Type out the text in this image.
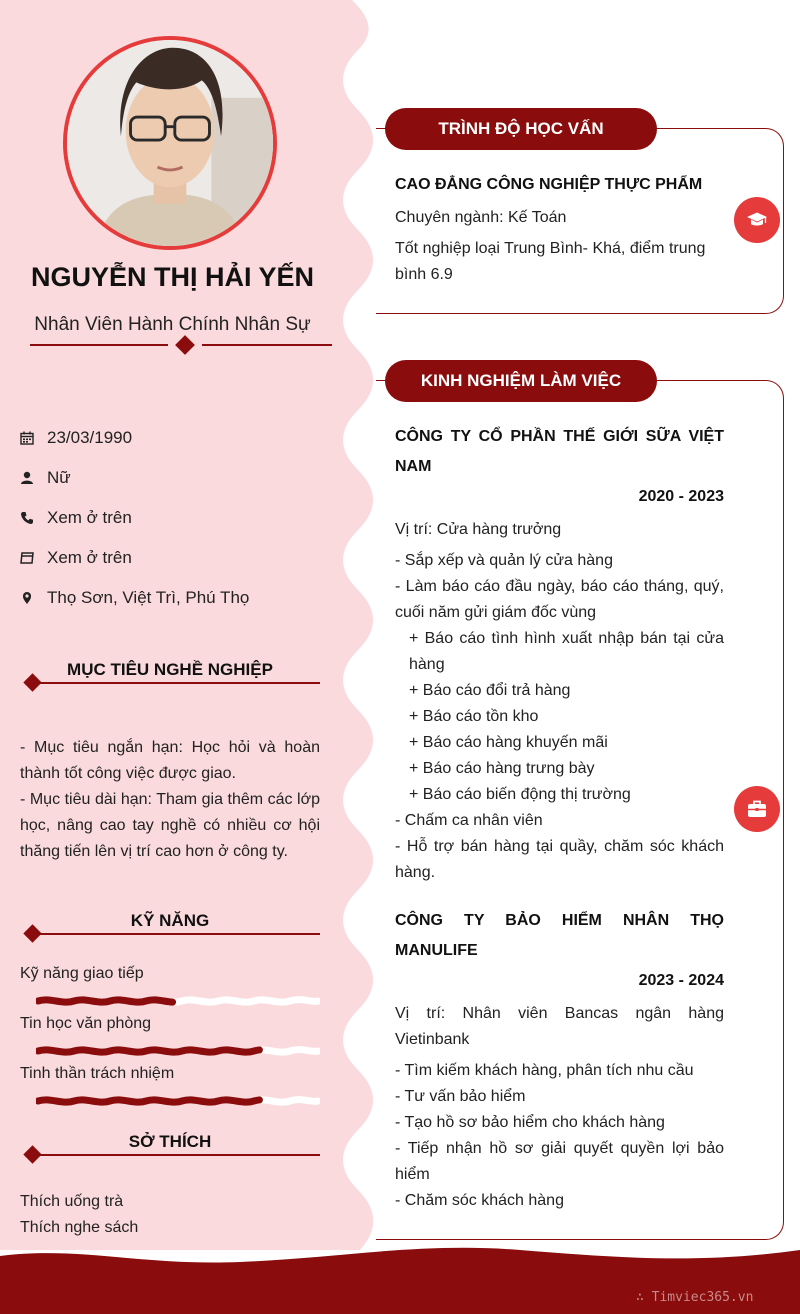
NGUYỄN THỊ HẢI YẾN
Nhân Viên Hành Chính Nhân Sự
23/03/1990
Nữ
Xem ở trên
Xem ở trên
Thọ Sơn, Việt Trì, Phú Thọ
MỤC TIÊU NGHỀ NGHIỆP
- Mục tiêu ngắn hạn: Học hỏi và hoàn thành tốt công việc được giao.
- Mục tiêu dài hạn: Tham gia thêm các lớp học, nâng cao tay nghề có nhiều cơ hội thăng tiến lên vị trí cao hơn ở công ty.
KỸ NĂNG
Kỹ năng giao tiếp
Tin học văn phòng
Tinh thần trách nhiệm
SỞ THÍCH
Thích uống trà
Thích nghe sách
TRÌNH ĐỘ HỌC VẤN
CAO ĐẲNG CÔNG NGHIỆP THỰC PHẨM
Chuyên ngành: Kế Toán
Tốt nghiệp loại Trung Bình- Khá, điểm trung bình 6.9
KINH NGHIỆM LÀM VIỆC
CÔNG TY CỔ PHẦN THẾ GIỚI SỮA VIỆT
NAM
2020 - 2023
Vị trí: Cửa hàng trưởng
- Sắp xếp và quản lý cửa hàng
- Làm báo cáo đầu ngày, báo cáo tháng, quý, cuối năm gửi giám đốc vùng
+ Báo cáo tình hình xuất nhập bán tại cửa hàng
+ Báo cáo đổi trả hàng
+ Báo cáo tồn kho
+ Báo cáo hàng khuyến mãi
+ Báo cáo hàng trưng bày
+ Báo cáo biến động thị trường
- Chấm ca nhân viên
- Hỗ trợ bán hàng tại quầy, chăm sóc khách hàng.
CÔNG TY BẢO HIỂM NHÂN THỌ
MANULIFE
2023 - 2024
Vị trí: Nhân viên Bancas ngân hàng Vietinbank
- Tìm kiếm khách hàng, phân tích nhu cầu
- Tư vấn bảo hiểm
- Tạo hồ sơ bảo hiểm cho khách hàng
- Tiếp nhận hồ sơ giải quyết quyền lợi bảo hiểm
- Chăm sóc khách hàng
∴ Timviec365.vn
